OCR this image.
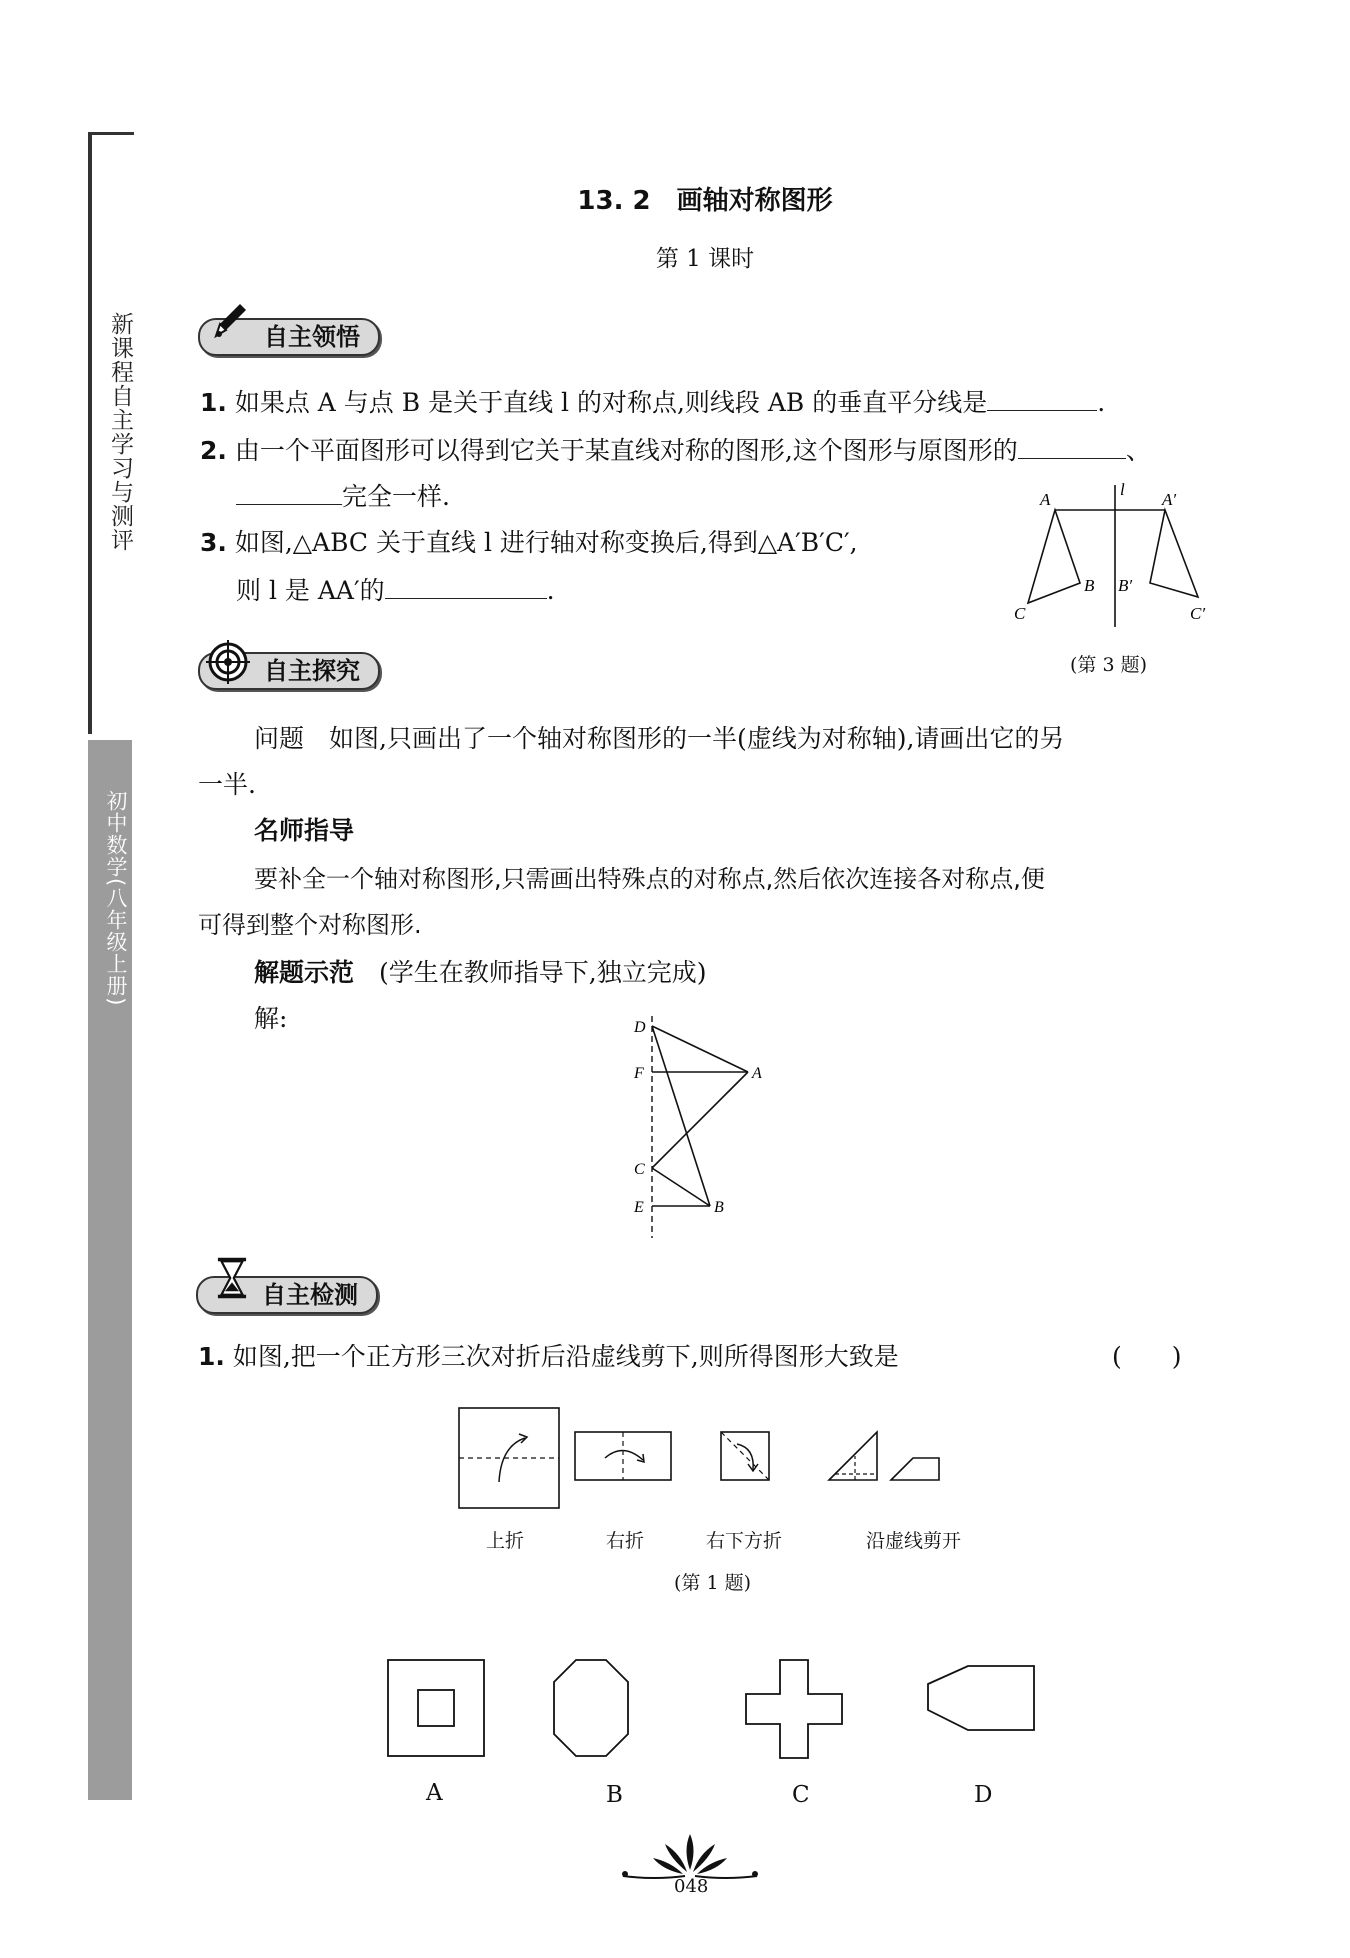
新课程自主学习与测评
初中数学(八年级上册)
13. 2　画轴对称图形
第 1 课时
自主领悟
1. 如果点 A 与点 B 是关于直线 l 的对称点,则线段 AB 的垂直平分线是	.
2. 由一个平面图形可以得到它关于某直线对称的图形,这个图形与原图形的	、
完全一样.
3. 如图,△ABC 关于直线 l 进行轴对称变换后,得到△A′B′C′,
则 l 是 AA′的	.
l
A
B
C
A′
B′
C′
(第 3 题)
自主探究
问题  如图,只画出了一个轴对称图形的一半(虚线为对称轴),请画出它的另
一半.
名师指导
要补全一个轴对称图形,只需画出特殊点的对称点,然后依次连接各对称点,便
可得到整个对称图形.
解题示范  (学生在教师指导下,独立完成)
解:	D
F	A
C
E	B
自主检测
1. 如图,把一个正方形三次对折后沿虚线剪下,则所得图形大致是	(　　)
上折	右折	右下方折	沿虚线剪开
(第 1 题)
A	B	C	D
048
